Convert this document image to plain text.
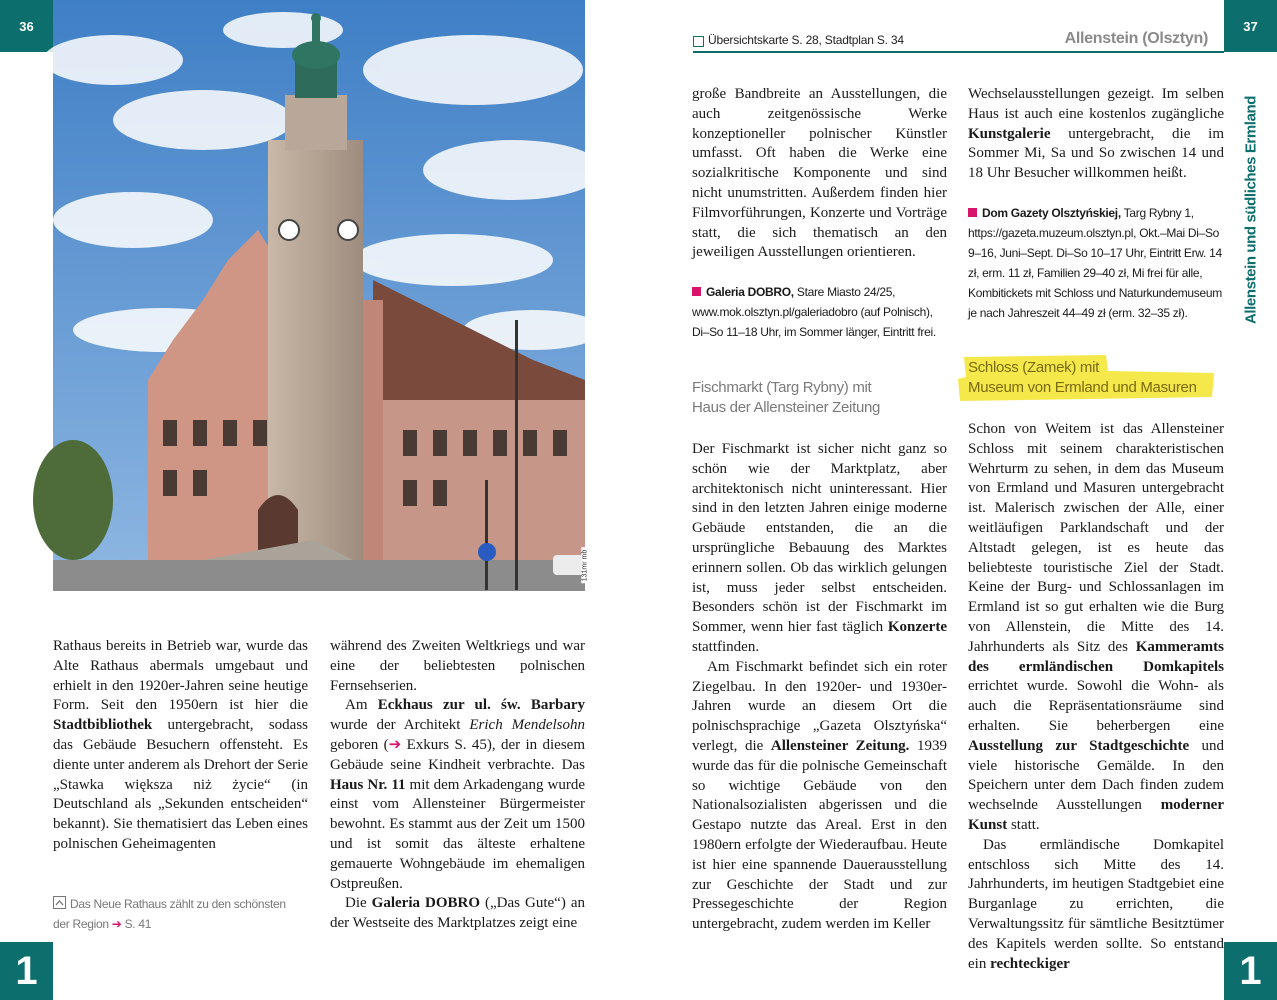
36
1
131mr mb

Rathaus bereits in Betrieb war, wurde das Alte Rathaus abermals umgebaut und erhielt in den 1920er-Jahren seine heutige Form. Seit den 1950ern ist hier die Stadtbibliothek untergebracht, sodass das Gebäude Besuchern offensteht. Es diente unter anderem als Drehort der Serie „Stawka większa niż życie“ (in Deutschland als „Sekunden entscheiden“ bekannt). Sie thematisiert das Leben eines polnischen Geheimagenten

Das Neue Rathaus zählt zu den schönsten
der Region ➔ S. 41

während des Zweiten Weltkriegs und war eine der beliebtesten polnischen Fernsehserien.

Am Eckhaus zur ul. św. Barbary wurde der Architekt Erich Mendelsohn geboren (➔ Exkurs S. 45), der in diesem Gebäude seine Kindheit verbrachte. Das Haus Nr. 11 mit dem Arkadengang wurde einst vom Allensteiner Bürgermeister bewohnt. Es stammt aus der Zeit um 1500 und ist somit das älteste erhaltene gemauerte Wohngebäude im ehemaligen Ostpreußen.

Die Galeria DOBRO („Das Gute“) an der Westseite des Marktplatzes zeigt eine

Übersichtskarte S. 28, Stadtplan S. 34	Allenstein (Olsztyn)
37
1
Allenstein und südliches Ermland

große Bandbreite an Ausstellungen, die auch zeitgenössische Werke konzeptioneller polnischer Künstler umfasst. Oft haben die Werke eine sozialkritische Komponente und sind nicht unumstritten. Außerdem finden hier Filmvorführungen, Konzerte und Vorträge statt, die sich thematisch an den jeweiligen Ausstellungen orientieren.

Galeria DOBRO, Stare Miasto 24/25, www.mok.olsztyn.pl/galeriadobro (auf Polnisch), Di–So 11–18 Uhr, im Sommer länger, Eintritt frei.
Fischmarkt (Targ Rybny) mit
Haus der Allensteiner Zeitung

Der Fischmarkt ist sicher nicht ganz so schön wie der Marktplatz, aber architektonisch nicht uninteressant. Hier sind in den letzten Jahren einige moderne Gebäude entstanden, die an die ursprüngliche Bebauung des Marktes erinnern sollen. Ob das wirklich gelungen ist, muss jeder selbst entscheiden. Besonders schön ist der Fischmarkt im Sommer, wenn hier fast täglich Konzerte stattfinden.

Am Fischmarkt befindet sich ein roter Ziegelbau. In den 1920er- und 1930er-Jahren wurde an diesem Ort die polnischsprachige „Gazeta Olsztyńska“ verlegt, die Allensteiner Zeitung. 1939 wurde das für die polnische Gemeinschaft so wichtige Gebäude von den Nationalsozialisten abgerissen und die Gestapo nutzte das Areal. Erst in den 1980ern erfolgte der Wiederaufbau. Heute ist hier eine spannende Dauerausstellung zur Geschichte der Stadt und zur Pressegeschichte der Region untergebracht, zudem werden im Keller

Wechselausstellungen gezeigt. Im selben Haus ist auch eine kostenlos zugängliche Kunstgalerie untergebracht, die im Sommer Mi, Sa und So zwischen 14 und 18 Uhr Besucher willkommen heißt.

Dom Gazety Olsztyńskiej, Targ Rybny 1, https://gazeta.muzeum.olsztyn.pl, Okt.–Mai Di–So 9–16, Juni–Sept. Di–So 10–17 Uhr, Eintritt Erw. 14 zł, erm. 11 zł, Familien 29–40 zł, Mi frei für alle, Kombitickets mit Schloss und Naturkundemuseum je nach Jahreszeit 44–49 zł (erm. 32–35 zł).
Schloss (Zamek) mit
Museum von Ermland und Masuren

Schon von Weitem ist das Allensteiner Schloss mit seinem charakteristischen Wehrturm zu sehen, in dem das Museum von Ermland und Masuren untergebracht ist. Malerisch zwischen der Alle, einer weitläufigen Parklandschaft und der Altstadt gelegen, ist es heute das beliebteste touristische Ziel der Stadt. Keine der Burg- und Schlossanlagen im Ermland ist so gut erhalten wie die Burg von Allenstein, die Mitte des 14. Jahrhunderts als Sitz des Kammeramts des ermländischen Domkapitels errichtet wurde. Sowohl die Wohn- als auch die Repräsentationsräume sind erhalten. Sie beherbergen eine Ausstellung zur Stadtgeschichte und viele historische Gemälde. In den Speichern unter dem Dach finden zudem wechselnde Ausstellungen moderner Kunst statt.

Das ermländische Domkapitel entschloss sich Mitte des 14. Jahrhunderts, im heutigen Stadtgebiet eine Burganlage zu errichten, die Verwaltungssitz für sämtliche Besitztümer des Kapitels werden sollte. So entstand ein rechteckiger
